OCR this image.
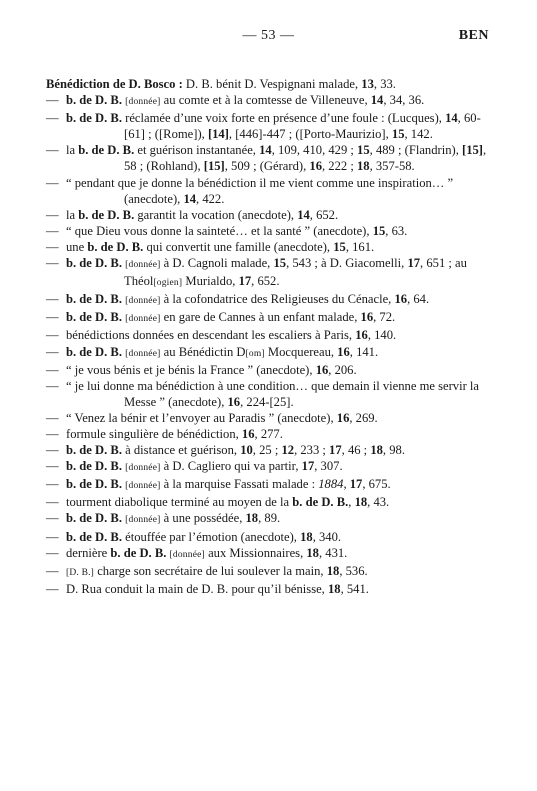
— 53 —	BEN
Bénédiction de D. Bosco : D. B. bénit D. Vespignani malade, 13, 33.
— b. de D. B. [donnée] au comte et à la comtesse de Villeneuve, 14, 34, 36.
— b. de D. B. réclamée d’une voix forte en présence d’une foule : (Lucques), 14, 60-[61] ; ([Rome]), [14], [446]-447 ; ([Porto-Maurizio], 15, 142.
— la b. de D. B. et guérison instantanée, 14, 109, 410, 429 ; 15, 489 ; (Flandrin), [15], 58 ; (Rohland), [15], 509 ; (Gérard), 16, 222 ; 18, 357-58.
— “ pendant que je donne la bénédiction il me vient comme une inspiration… ” (anecdote), 14, 422.
— la b. de D. B. garantit la vocation (anecdote), 14, 652.
— “ que Dieu vous donne la sainteté… et la santé ” (anecdote), 15, 63.
— une b. de D. B. qui convertit une famille (anecdote), 15, 161.
— b. de D. B. [donnée] à D. Cagnoli malade, 15, 543 ; à D. Giacomelli, 17, 651 ; au Théol[ogien] Murialdo, 17, 652.
— b. de D. B. [donnée] à la cofondatrice des Religieuses du Cénacle, 16, 64.
— b. de D. B. [donnée] en gare de Cannes à un enfant malade, 16, 72.
— bénédictions données en descendant les escaliers à Paris, 16, 140.
— b. de D. B. [donnée] au Bénédictin D[om] Mocquereau, 16, 141.
— “ je vous bénis et je bénis la France ” (anecdote), 16, 206.
— “ je lui donne ma bénédiction à une condition… que demain il vienne me servir la Messe ” (anecdote), 16, 224-[25].
— “ Venez la bénir et l’envoyer au Paradis ” (anecdote), 16, 269.
— formule singulière de bénédiction, 16, 277.
— b. de D. B. à distance et guérison, 10, 25 ; 12, 233 ; 17, 46 ; 18, 98.
— b. de D. B. [donnée] à D. Cagliero qui va partir, 17, 307.
— b. de D. B. [donnée] à la marquise Fassati malade : 1884, 17, 675.
— tourment diabolique terminé au moyen de la b. de D. B., 18, 43.
— b. de D. B. [donnée] à une possédée, 18, 89.
— b. de D. B. étouffée par l’émotion (anecdote), 18, 340.
— dernière b. de D. B. [donnée] aux Missionnaires, 18, 431.
— [D. B.] charge son secrétaire de lui soulever la main, 18, 536.
— D. Rua conduit la main de D. B. pour qu’il bénisse, 18, 541.
